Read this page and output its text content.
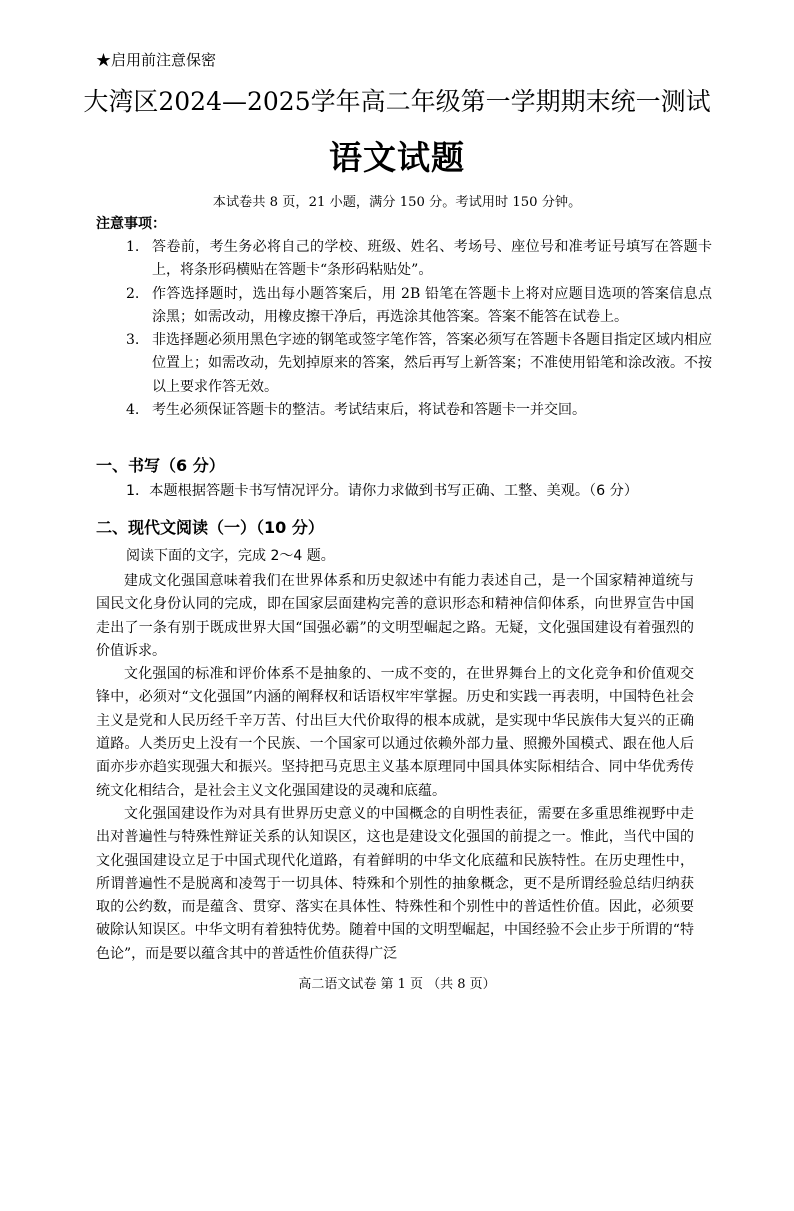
★启用前注意保密
大湾区2024—2025学年高二年级第一学期期末统一测试
语文试题
本试卷共 8 页，21 小题，满分 150 分。考试用时 150 分钟。
注意事项：
1. 答卷前，考生务必将自己的学校、班级、姓名、考场号、座位号和准考证号填写在答题卡上，将条形码横贴在答题卡“条形码粘贴处”。
2. 作答选择题时，选出每小题答案后，用 2B 铅笔在答题卡上将对应题目选项的答案信息点涂黑；如需改动，用橡皮擦干净后，再选涂其他答案。答案不能答在试卷上。
3. 非选择题必须用黑色字迹的钢笔或签字笔作答，答案必须写在答题卡各题目指定区域内相应位置上；如需改动，先划掉原来的答案，然后再写上新答案；不准使用铅笔和涂改液。不按以上要求作答无效。
4. 考生必须保证答题卡的整洁。考试结束后，将试卷和答题卡一并交回。
一、书写（6 分）
1．本题根据答题卡书写情况评分。请你力求做到书写正确、工整、美观。（6 分）
二、现代文阅读（一）（10 分）
阅读下面的文字，完成 2～4 题。

建成文化强国意味着我们在世界体系和历史叙述中有能力表述自己，是一个国家精神道统与国民文化身份认同的完成，即在国家层面建构完善的意识形态和精神信仰体系，向世界宣告中国走出了一条有别于既成世界大国“国强必霸”的文明型崛起之路。无疑，文化强国建设有着强烈的价值诉求。

文化强国的标准和评价体系不是抽象的、一成不变的，在世界舞台上的文化竞争和价值观交锋中，必须对“文化强国”内涵的阐释权和话语权牢牢掌握。历史和实践一再表明，中国特色社会主义是党和人民历经千辛万苦、付出巨大代价取得的根本成就，是实现中华民族伟大复兴的正确道路。人类历史上没有一个民族、一个国家可以通过依赖外部力量、照搬外国模式、跟在他人后面亦步亦趋实现强大和振兴。坚持把马克思主义基本原理同中国具体实际相结合、同中华优秀传统文化相结合，是社会主义文化强国建设的灵魂和底蕴。

文化强国建设作为对具有世界历史意义的中国概念的自明性表征，需要在多重思维视野中走出对普遍性与特殊性辩证关系的认知误区，这也是建设文化强国的前提之一。惟此，当代中国的文化强国建设立足于中国式现代化道路，有着鲜明的中华文化底蕴和民族特性。在历史理性中，所谓普遍性不是脱离和凌驾于一切具体、特殊和个别性的抽象概念，更不是所谓经验总结归纳获取的公约数，而是蕴含、贯穿、落实在具体性、特殊性和个别性中的普适性价值。因此，必须要破除认知误区。中华文明有着独特优势。随着中国的文明型崛起，中国经验不会止步于所谓的“特色论”，而是要以蕴含其中的普适性价值获得广泛

高二语文试卷 第 1 页 （共 8 页）
